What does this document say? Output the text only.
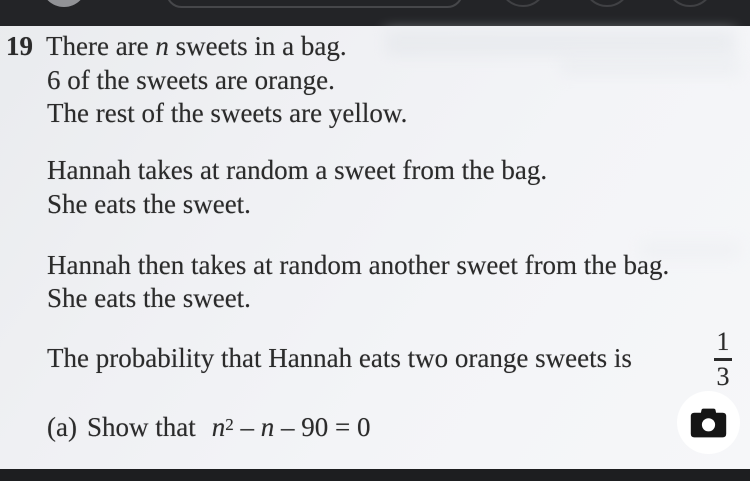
19 There are n sweets in a bag.
6 of the sweets are orange.
The rest of the sweets are yellow.
Hannah takes at random a sweet from the bag.
She eats the sweet.
Hannah then takes at random another sweet from the bag.
She eats the sweet.
The probability that Hannah eats two orange sweets is
1
3
(a) Show that $n^2 - n - 90 = 0$
